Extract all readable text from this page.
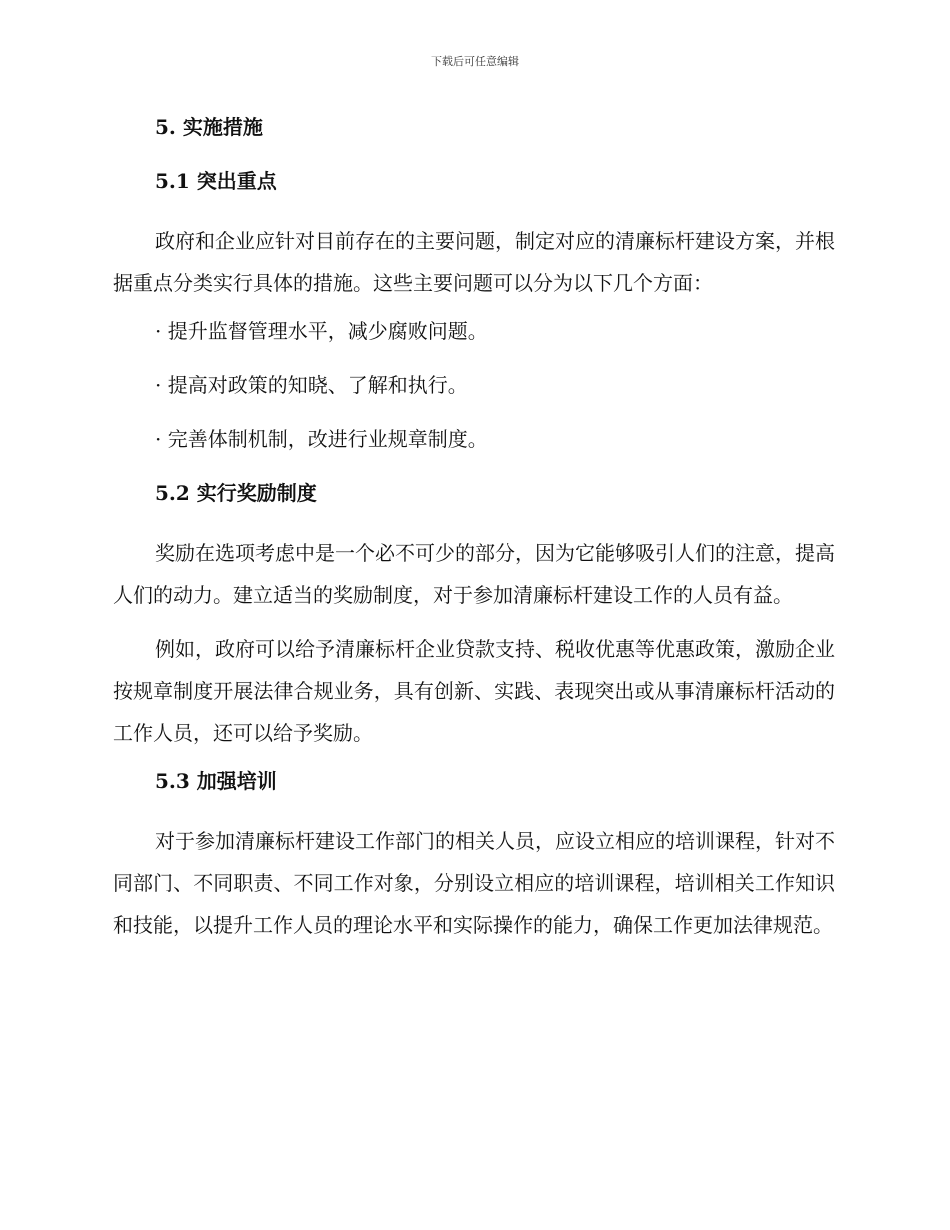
下载后可任意编辑
5. 实施措施
5.1 突出重点

政府和企业应针对目前存在的主要问题，制定对应的清廉标杆建设方案，并根据重点分类实行具体的措施。这些主要问题可以分为以下几个方面：

· 提升监督管理水平，减少腐败问题。
· 提高对政策的知晓、了解和执行。
· 完善体制机制，改进行业规章制度。
5.2 实行奖励制度

奖励在选项考虑中是一个必不可少的部分，因为它能够吸引人们的注意，提高人们的动力。建立适当的奖励制度，对于参加清廉标杆建设工作的人员有益。

例如，政府可以给予清廉标杆企业贷款支持、税收优惠等优惠政策，激励企业按规章制度开展法律合规业务，具有创新、实践、表现突出或从事清廉标杆活动的工作人员，还可以给予奖励。

5.3 加强培训

对于参加清廉标杆建设工作部门的相关人员，应设立相应的培训课程，针对不同部门、不同职责、不同工作对象，分别设立相应的培训课程，培训相关工作知识和技能，以提升工作人员的理论水平和实际操作的能力，确保工作更加法律规范。
